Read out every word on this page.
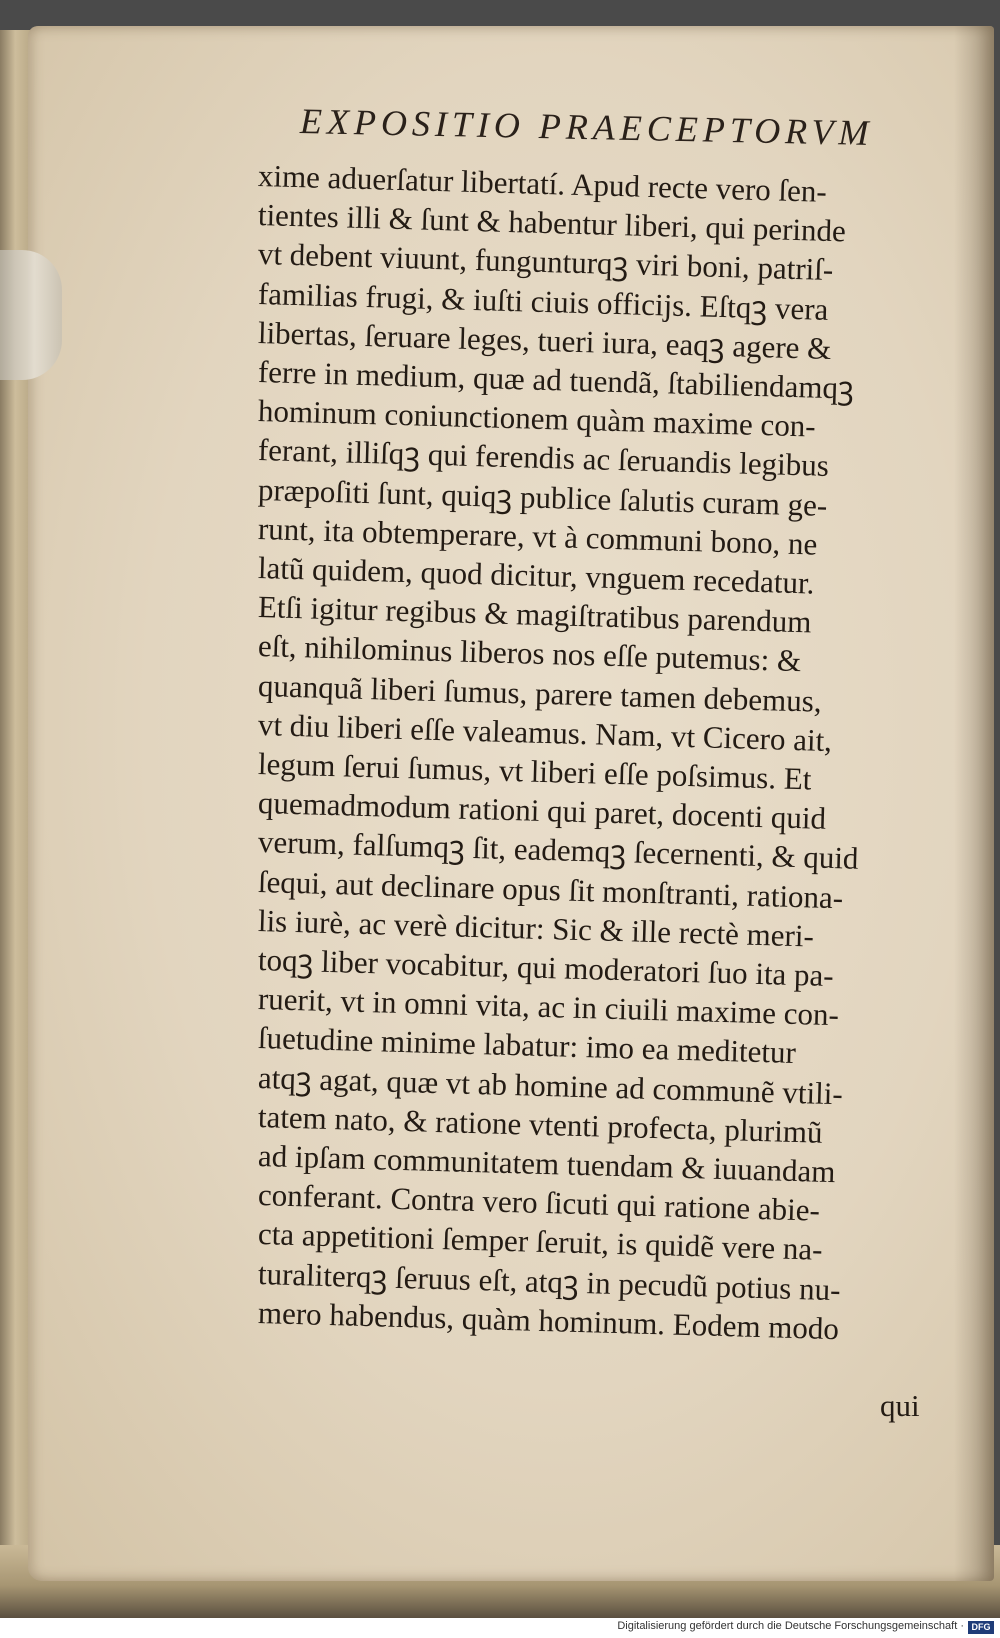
EXPOSITIO PRAECEPTORVM
xime aduerſatur libertatí. Apud recte vero ſen-
tientes illi & ſunt & habentur liberi, qui perinde
vt debent viuunt, funguntur​qꝫ viri boni, patriſ-
familias frugi, & iuſti ciuis officijs. Eſt​qꝫ vera
libertas, ſeruare leges, tueri iura, ea​qꝫ agere &
ferre in medium, quæ ad tuendã, ſtabiliendam​qꝫ
hominum coniunctionem quàm maxime con-
ferant, illiſ​qꝫ qui ferendis ac ſeruandis legibus
præpoſiti ſunt, quiq​ꝫ publice ſalutis curam ge-
runt, ita obtemperare, vt à communi bono, ne
latũ quidem, quod dicitur, vnguem recedatur.
Etſi igitur regibus & magiſtratibus parendum
eſt, nihilominus liberos nos eſſe putemus: &
quanquã liberi ſumus, parere tamen debemus,
vt diu liberi eſſe valeamus. Nam, vt Cicero ait,
legum ſerui ſumus, vt liberi eſſe poſsimus. Et
quemadmodum rationi qui paret, docenti quid
verum, falſum​qꝫ ſit, eadem​qꝫ ſecernenti, & quid
ſequi, aut declinare opus ſit monſtranti, rationa-
lis iurè, ac verè dicitur: Sic & ille rectè meri-
to​qꝫ liber vocabitur, qui moderatori ſuo ita pa-
ruerit, vt in omni vita, ac in ciuili maxime con-
ſuetudine minime labatur: imo ea meditetur
at​qꝫ agat, quæ vt ab homine ad communẽ vtili-
tatem nato, & ratione vtenti profecta, plurimũ
ad ipſam communitatem tuendam & iuuandam
conferant. Contra vero ſicuti qui ratione abie-
cta appetitioni ſemper ſeruit, is quidẽ vere na-
turaliter​qꝫ ſeruus eſt, at​qꝫ in pecudũ potius nu-
mero habendus, quàm hominum. Eodem modo
qui
Digitalisierung gefördert durch die Deutsche Forschungsgemeinschaft · DFG
